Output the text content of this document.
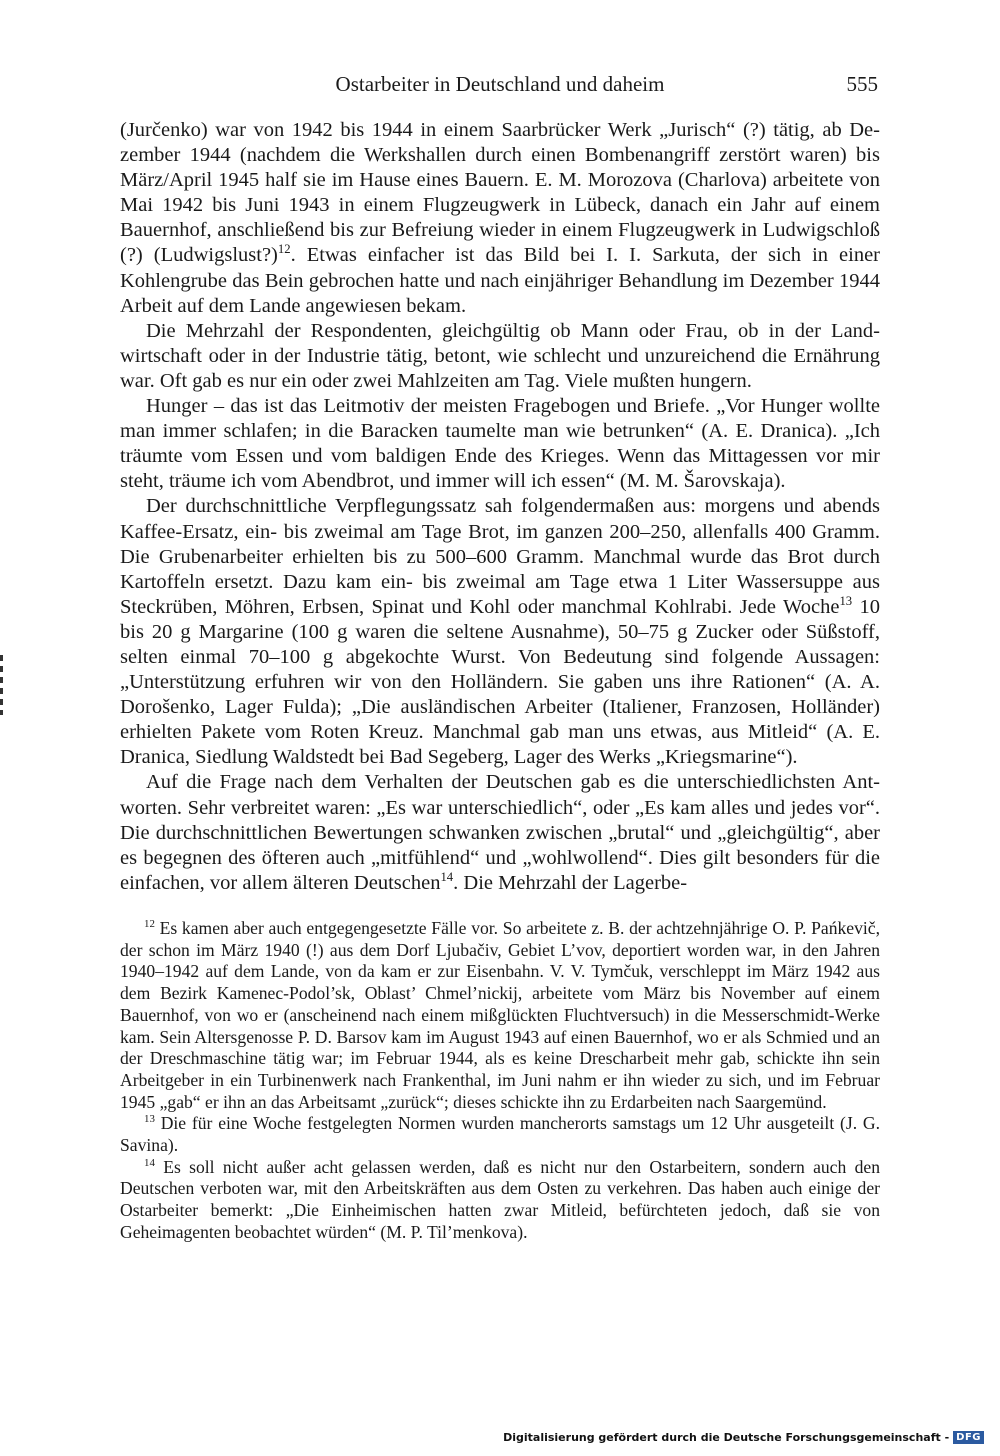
Ostarbeiter in Deutschland und daheim	555

(Jurčenko) war von 1942 bis 1944 in einem Saarbrücker Werk „Jurisch“ (?) tätig, ab Dezember 1944 (nachdem die Werkshallen durch einen Bombenangriff zerstört waren) bis März/April 1945 half sie im Hause eines Bauern. E. M. Morozova (Charlova) arbeitete von Mai 1942 bis Juni 1943 in einem Flugzeugwerk in Lübeck, danach ein Jahr auf einem Bauernhof, anschließend bis zur Befreiung wieder in einem Flugzeugwerk in Ludwigschloß (?) (Ludwigslust?)$^{12}$. Etwas einfacher ist das Bild bei I. I. Sarkuta, der sich in einer Kohlengrube das Bein gebrochen hatte und nach einjähriger Behandlung im Dezember 1944 Arbeit auf dem Lande angewiesen bekam.

Die Mehrzahl der Respondenten, gleichgültig ob Mann oder Frau, ob in der Landwirtschaft oder in der Industrie tätig, betont, wie schlecht und unzureichend die Ernährung war. Oft gab es nur ein oder zwei Mahlzeiten am Tag. Viele mußten hungern.

Hunger – das ist das Leitmotiv der meisten Fragebogen und Briefe. „Vor Hunger wollte man immer schlafen; in die Baracken taumelte man wie betrunken“ (A. E. Dranica). „Ich träumte vom Essen und vom baldigen Ende des Krieges. Wenn das Mittagessen vor mir steht, träume ich vom Abendbrot, und immer will ich essen“ (M. M. Šarovskaja).

Der durchschnittliche Verpflegungssatz sah folgendermaßen aus: morgens und abends Kaffee-Ersatz, ein- bis zweimal am Tage Brot, im ganzen 200–250, allenfalls 400 Gramm. Die Grubenarbeiter erhielten bis zu 500–600 Gramm. Manchmal wurde das Brot durch Kartoffeln ersetzt. Dazu kam ein- bis zweimal am Tage etwa 1 Liter Wassersuppe aus Steckrüben, Möhren, Erbsen, Spinat und Kohl oder manchmal Kohlrabi. Jede Woche$^{13}$ 10 bis 20 g Margarine (100 g waren die seltene Ausnahme), 50–75 g Zucker oder Süßstoff, selten einmal 70–100 g abgekochte Wurst. Von Bedeutung sind folgende Aussagen: „Unterstützung erfuhren wir von den Holländern. Sie gaben uns ihre Rationen“ (A. A. Dorošenko, Lager Fulda); „Die ausländischen Arbeiter (Italiener, Franzosen, Holländer) erhielten Pakete vom Roten Kreuz. Manchmal gab man uns etwas, aus Mitleid“ (A. E. Dranica, Siedlung Waldstedt bei Bad Segeberg, Lager des Werks „Kriegsmarine“).

Auf die Frage nach dem Verhalten der Deutschen gab es die unterschiedlichsten Antworten. Sehr verbreitet waren: „Es war unterschiedlich“, oder „Es kam alles und jedes vor“. Die durchschnittlichen Bewertungen schwanken zwischen „brutal“ und „gleichgültig“, aber es begegnen des öfteren auch „mitfühlend“ und „wohlwollend“. Dies gilt besonders für die einfachen, vor allem älteren Deutschen$^{14}$. Die Mehrzahl der Lagerbe-

$^{12}$ Es kamen aber auch entgegengesetzte Fälle vor. So arbeitete z. B. der achtzehnjährige O. P. Pańkevič, der schon im März 1940 (!) aus dem Dorf Ljubačiv, Gebiet L’vov, deportiert worden war, in den Jahren 1940–1942 auf dem Lande, von da kam er zur Eisenbahn. V. V. Tymčuk, verschleppt im März 1942 aus dem Bezirk Kamenec-Podol’sk, Oblast’ Chmel’nickij, arbeitete vom März bis November auf einem Bauernhof, von wo er (anscheinend nach einem mißglückten Fluchtversuch) in die Messerschmidt-Werke kam. Sein Altersgenosse P. D. Barsov kam im August 1943 auf einen Bauernhof, wo er als Schmied und an der Dreschmaschine tätig war; im Februar 1944, als es keine Drescharbeit mehr gab, schickte ihn sein Arbeitgeber in ein Turbinenwerk nach Frankenthal, im Juni nahm er ihn wieder zu sich, und im Februar 1945 „gab“ er ihn an das Arbeitsamt „zurück“; dieses schickte ihn zu Erdarbeiten nach Saargemünd.

$^{13}$ Die für eine Woche festgelegten Normen wurden mancherorts samstags um 12 Uhr ausgeteilt (J. G. Savina).

$^{14}$ Es soll nicht außer acht gelassen werden, daß es nicht nur den Ostarbeitern, sondern auch den Deutschen verboten war, mit den Arbeitskräften aus dem Osten zu verkehren. Das haben auch einige der Ostarbeiter bemerkt: „Die Einheimischen hatten zwar Mitleid, befürchteten jedoch, daß sie von Geheimagenten beobachtet würden“ (M. P. Til’menkova).

Digitalisierung gefördert durch die Deutsche Forschungsgemeinschaft - DFG
